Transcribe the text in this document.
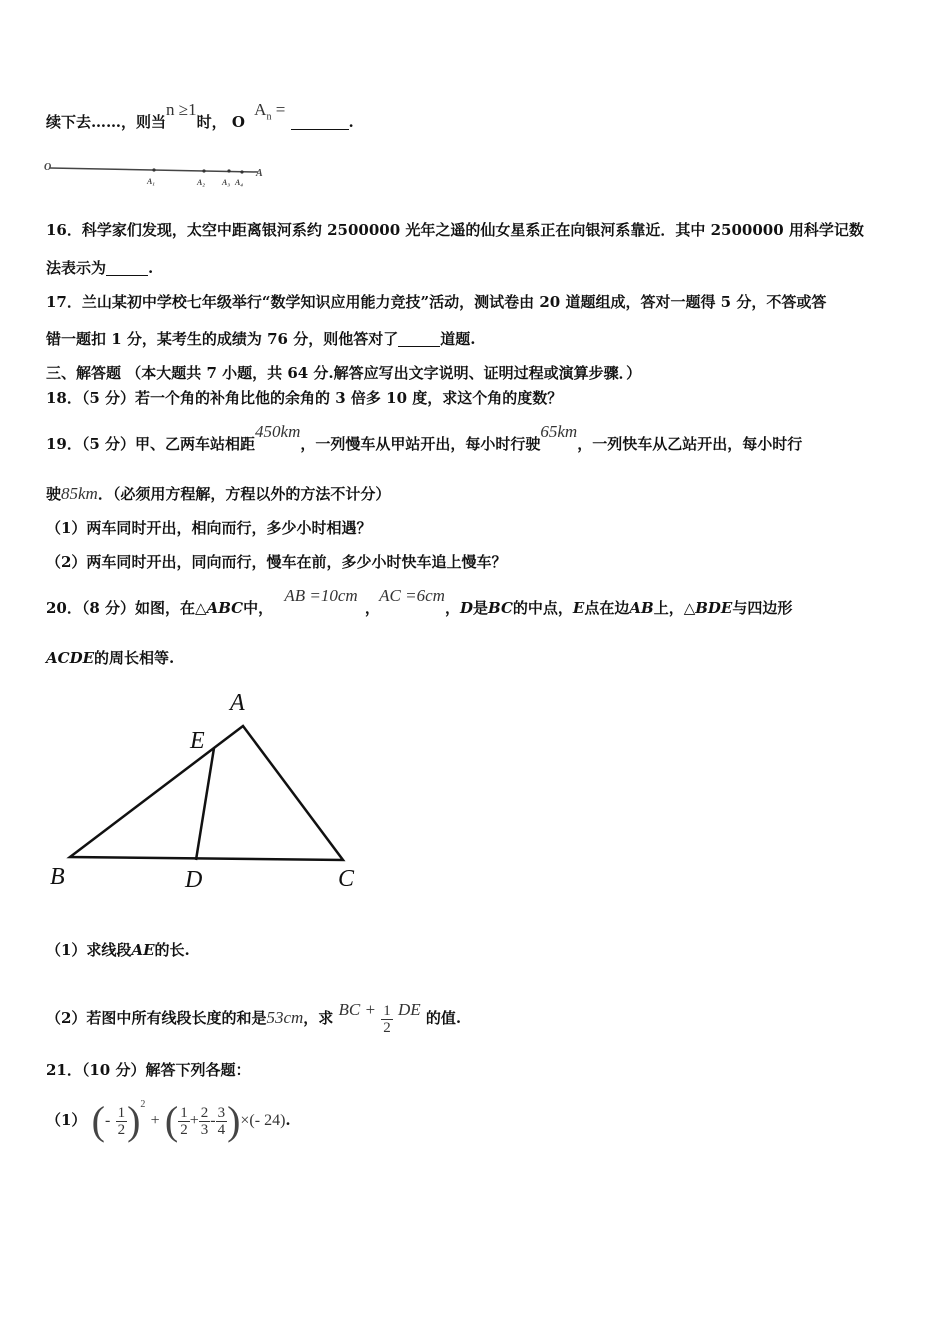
续下去……，则当n ≥1时， O $A_n$ = .
O
A₁	A₂ A₃ A₄
A
16．科学家们发现，太空中距离银河系约 2500000 光年之遥的仙女星系正在向银河系靠近．其中 2500000 用科学记数
法表示为	.
17．兰山某初中学校七年级举行“数学知识应用能力竞技”活动，测试卷由 20 道题组成，答对一题得 5 分，不答或答
错一题扣 1 分，某考生的成绩为 76 分，则他答对了	道题.
三、解答题 （本大题共 7 小题，共 64 分.解答应写出文字说明、证明过程或演算步骤．）
18．（5 分）若一个角的补角比他的余角的 3 倍多 10 度，求这个角的度数？
19．（5 分）甲、乙两车站相距450km，一列慢车从甲站开出，每小时行驶65km，一列快车从乙站开出，每小时行
驶85km．（必须用方程解，方程以外的方法不计分）
（1）两车同时开出，相向而行，多少小时相遇？
（2）两车同时开出，同向而行，慢车在前，多少小时快车追上慢车？
20．（8 分）如图，在△ABC中， AB =10cm ， AC =6cm，D是BC的中点，E点在边AB上，△BDE与四边形
ACDE的周长相等.
A
E
B	D	C
（1）求线段AE的长.
（2）若图中所有线段长度的和是53cm，求 BC + $\frac{1}{2}$ DE 的值.
21．（10 分）解答下列各题：
（1） (- $\frac{1}{2} )^2$ + ( $\frac{1}{2} + \frac{2}{3} - \frac{3}{4}$ )×(- 24).
